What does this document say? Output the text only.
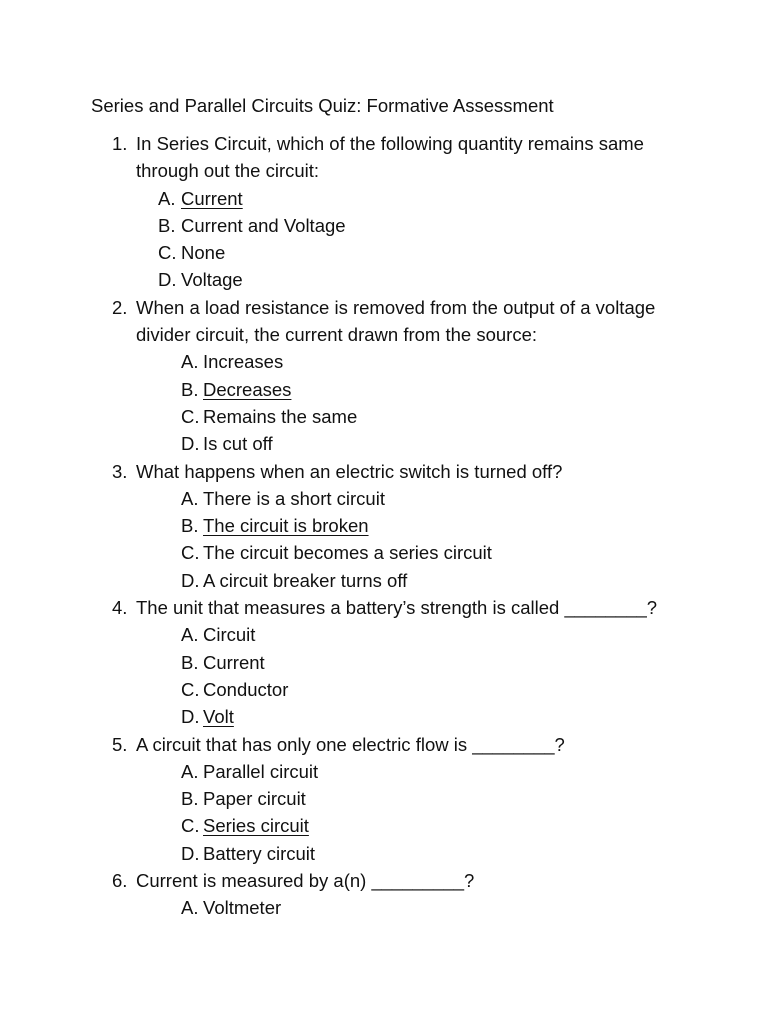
Series and Parallel Circuits Quiz: Formative Assessment
1. In Series Circuit, which of the following quantity remains same through out the circuit:
A. Current
B. Current and Voltage
C. None
D. Voltage
2. When a load resistance is removed from the output of a voltage divider circuit, the current drawn from the source:
A. Increases
B. Decreases
C. Remains the same
D. Is cut off
3. What happens when an electric switch is turned off?
A. There is a short circuit
B. The circuit is broken
C. The circuit becomes a series circuit
D. A circuit breaker turns off
4. The unit that measures a battery’s strength is called ________?
A. Circuit
B. Current
C. Conductor
D. Volt
5. A circuit that has only one electric flow is ________?
A. Parallel circuit
B. Paper circuit
C. Series circuit
D. Battery circuit
6. Current is measured by a(n) _________?
A. Voltmeter
